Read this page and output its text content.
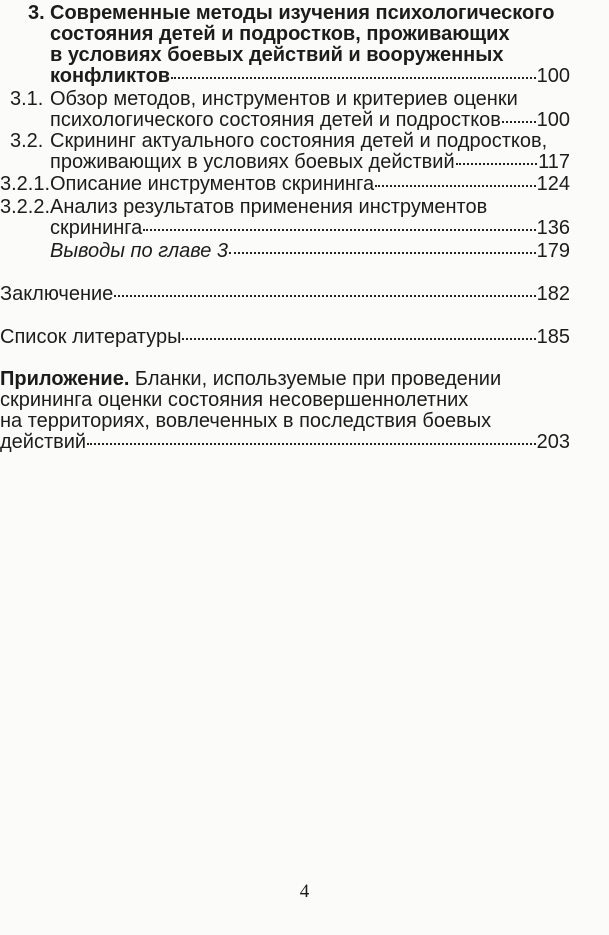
3. Современные методы изучения психологического
состояния детей и подростков, проживающих
в условиях боевых действий и вооруженных
конфликтов	100
3.1. Обзор методов, инструментов и критериев оценки
психологического состояния детей и подростков 100
3.2. Скрининг актуального состояния детей и подростков,
проживающих в условиях боевых действий	117
3.2.1. Описание инструментов скрининга	124
3.2.2. Анализ результатов применения инструментов
скрининга	136
Выводы по главе 3	179
Заключение	182
Список литературы	185
Приложение. Бланки, используемые при проведении
скрининга оценки состояния несовершеннолетних
на территориях, вовлеченных в последствия боевых
действий	203
4
